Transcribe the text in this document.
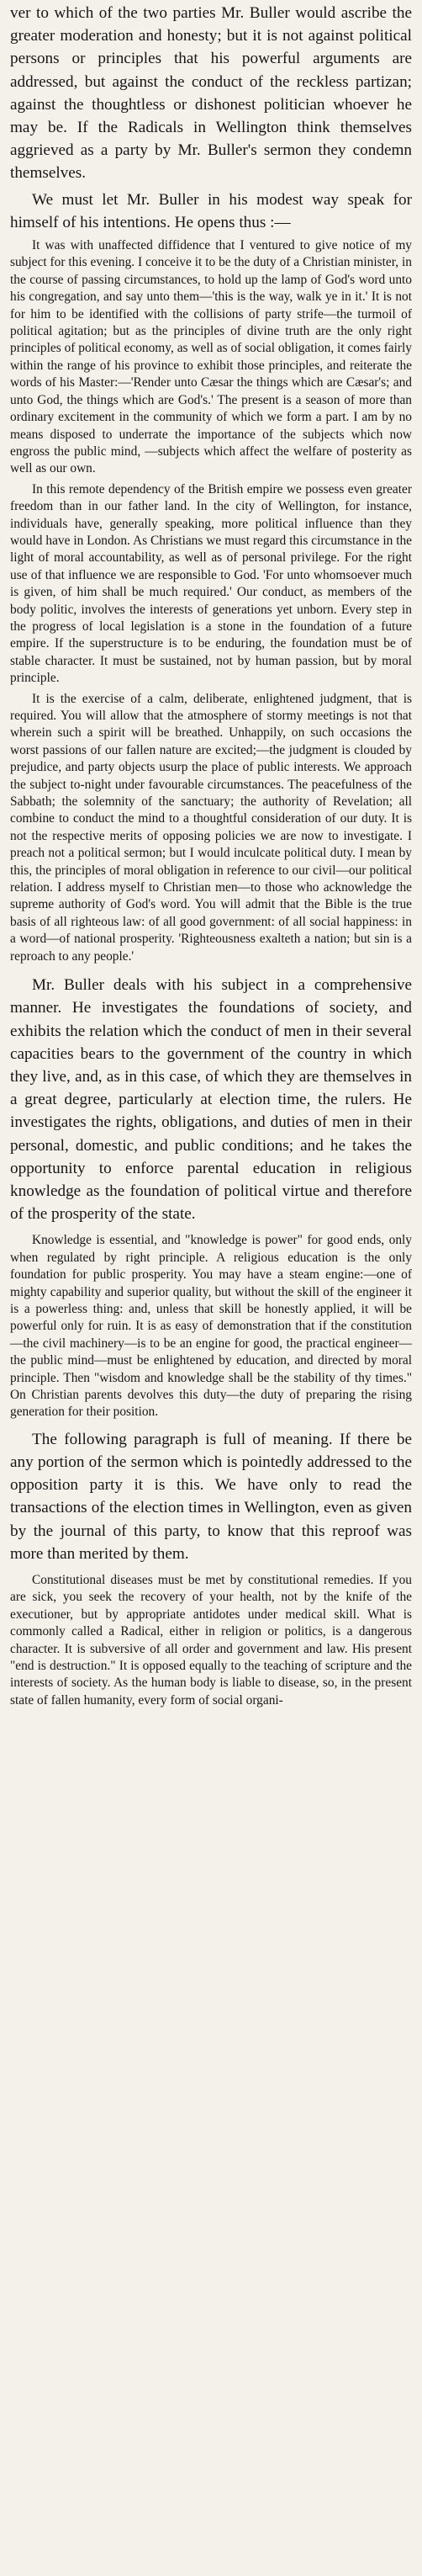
ver to which of the two parties Mr. Buller would ascribe the greater moderation and honesty; but it is not against political persons or principles that his powerful arguments are addressed, but against the conduct of the reckless partizan; against the thoughtless or dishonest politician whoever he may be. If the Radicals in Wellington think themselves aggrieved as a party by Mr. Buller's sermon they condemn themselves.

We must let Mr. Buller in his modest way speak for himself of his intentions. He opens thus :—

It was with unaffected diffidence that I ventured to give notice of my subject for this evening. I conceive it to be the duty of a Christian minister, in the course of passing circumstances, to hold up the lamp of God's word unto his congregation, and say unto them—'this is the way, walk ye in it.' It is not for him to be identified with the collisions of party strife—the turmoil of political agitation; but as the principles of divine truth are the only right principles of political economy, as well as of social obligation, it comes fairly within the range of his province to exhibit those principles, and reiterate the words of his Master:—'Render unto Cæsar the things which are Cæsar's; and unto God, the things which are God's.' The present is a season of more than ordinary excitement in the community of which we form a part. I am by no means disposed to underrate the importance of the subjects which now engross the public mind, —subjects which affect the welfare of posterity as well as our own.

In this remote dependency of the British empire we possess even greater freedom than in our father land. In the city of Wellington, for instance, individuals have, generally speaking, more political influence than they would have in London. As Christians we must regard this circumstance in the light of moral accountability, as well as of personal privilege. For the right use of that influence we are responsible to God. 'For unto whomsoever much is given, of him shall be much required.' Our conduct, as members of the body politic, involves the interests of generations yet unborn. Every step in the progress of local legislation is a stone in the foundation of a future empire. If the superstructure is to be enduring, the foundation must be of stable character. It must be sustained, not by human passion, but by moral principle.

It is the exercise of a calm, deliberate, enlightened judgment, that is required. You will allow that the atmosphere of stormy meetings is not that wherein such a spirit will be breathed. Unhappily, on such occasions the worst passions of our fallen nature are excited;—the judgment is clouded by prejudice, and party objects usurp the place of public interests. We approach the subject to-night under favourable circumstances. The peacefulness of the Sabbath; the solemnity of the sanctuary; the authority of Revelation; all combine to conduct the mind to a thoughtful consideration of our duty. It is not the respective merits of opposing policies we are now to investigate. I preach not a political sermon; but I would inculcate political duty. I mean by this, the principles of moral obligation in reference to our civil—our political relation. I address myself to Christian men—to those who acknowledge the supreme authority of God's word. You will admit that the Bible is the true basis of all righteous law: of all good government: of all social happiness: in a word—of national prosperity. 'Righteousness exalteth a nation; but sin is a reproach to any people.'

Mr. Buller deals with his subject in a comprehensive manner. He investigates the foundations of society, and exhibits the relation which the conduct of men in their several capacities bears to the government of the country in which they live, and, as in this case, of which they are themselves in a great degree, particularly at election time, the rulers. He investigates the rights, obligations, and duties of men in their personal, domestic, and public conditions; and he takes the opportunity to enforce parental education in religious knowledge as the foundation of political virtue and therefore of the prosperity of the state.

Knowledge is essential, and "knowledge is power" for good ends, only when regulated by right principle. A religious education is the only foundation for public prosperity. You may have a steam engine:—one of mighty capability and superior quality, but without the skill of the engineer it is a powerless thing: and, unless that skill be honestly applied, it will be powerful only for ruin. It is as easy of demonstration that if the constitution—the civil machinery—is to be an engine for good, the practical engineer—the public mind—must be enlightened by education, and directed by moral principle. Then "wisdom and knowledge shall be the stability of thy times." On Christian parents devolves this duty—the duty of preparing the rising generation for their position.

The following paragraph is full of meaning. If there be any portion of the sermon which is pointedly addressed to the opposition party it is this. We have only to read the transactions of the election times in Wellington, even as given by the journal of this party, to know that this reproof was more than merited by them.

Constitutional diseases must be met by constitutional remedies. If you are sick, you seek the recovery of your health, not by the knife of the executioner, but by appropriate antidotes under medical skill. What is commonly called a Radical, either in religion or politics, is a dangerous character. It is subversive of all order and government and law. His present "end is destruction." It is opposed equally to the teaching of scripture and the interests of society. As the human body is liable to disease, so, in the present state of fallen humanity, every form of social organi-
